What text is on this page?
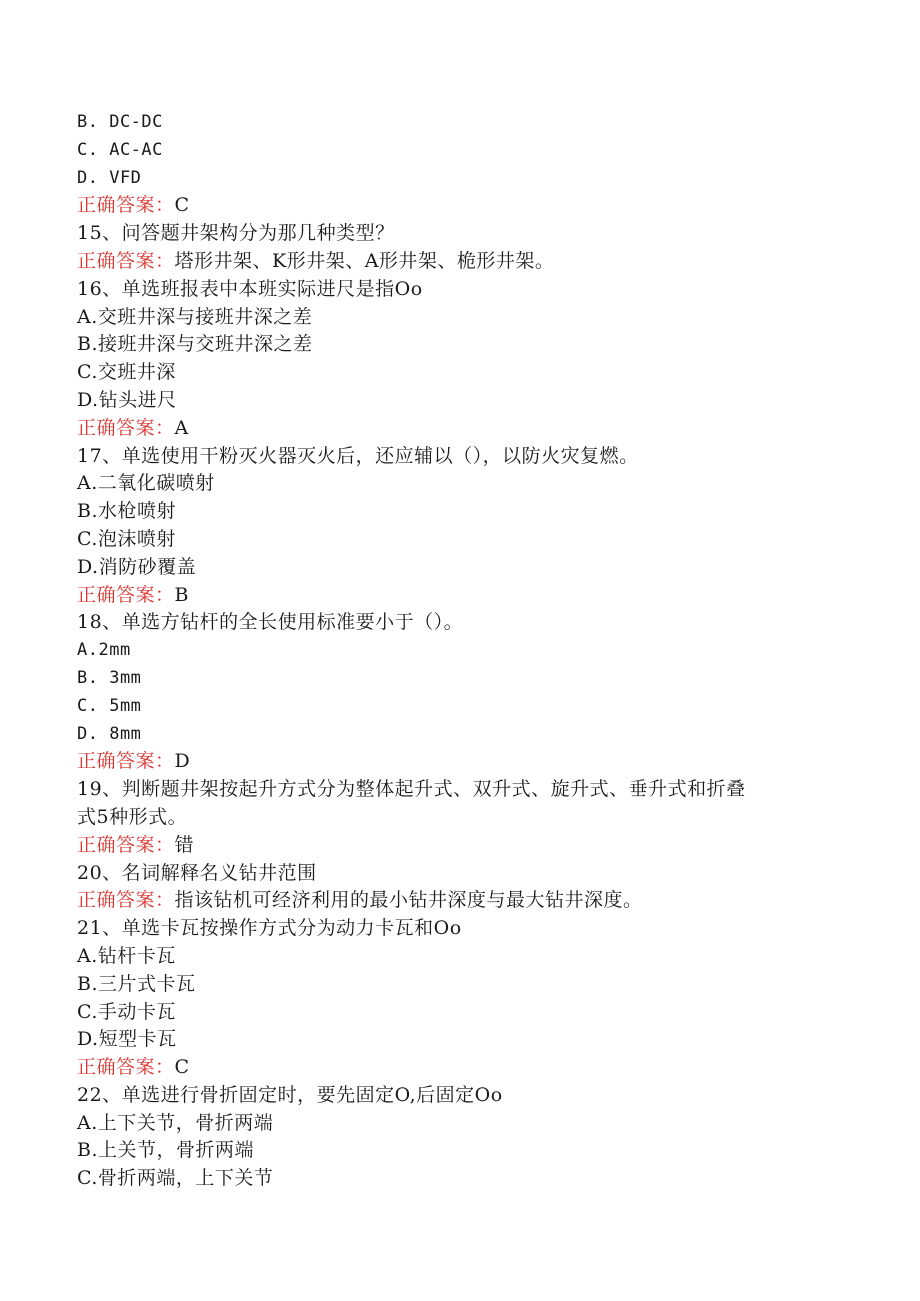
B. DC-DC
C. AC-AC
D. VFD
正确答案：C
15、问答题井架构分为那几种类型？
正确答案：塔形井架、K形井架、A形井架、桅形井架。
16、单选班报表中本班实际进尺是指Oo
A.交班井深与接班井深之差
B.接班井深与交班井深之差
C.交班井深
D.钻头进尺
正确答案：A
17、单选使用干粉灭火器灭火后，还应辅以（），以防火灾复燃。
A.二氧化碳喷射
B.水枪喷射
C.泡沫喷射
D.消防砂覆盖
正确答案：B
18、单选方钻杆的全长使用标准要小于（）。
A.2mm
B. 3mm
C. 5mm
D. 8mm
正确答案：D
19、判断题井架按起升方式分为整体起升式、双升式、旋升式、垂升式和折叠
式5种形式。
正确答案：错
20、名词解释名义钻井范围
正确答案：指该钻机可经济利用的最小钻井深度与最大钻井深度。
21、单选卡瓦按操作方式分为动力卡瓦和Oo
A.钻杆卡瓦
B.三片式卡瓦
C.手动卡瓦
D.短型卡瓦
正确答案：C
22、单选进行骨折固定时，要先固定O,后固定Oo
A.上下关节，骨折两端
B.上关节，骨折两端
C.骨折两端，上下关节
